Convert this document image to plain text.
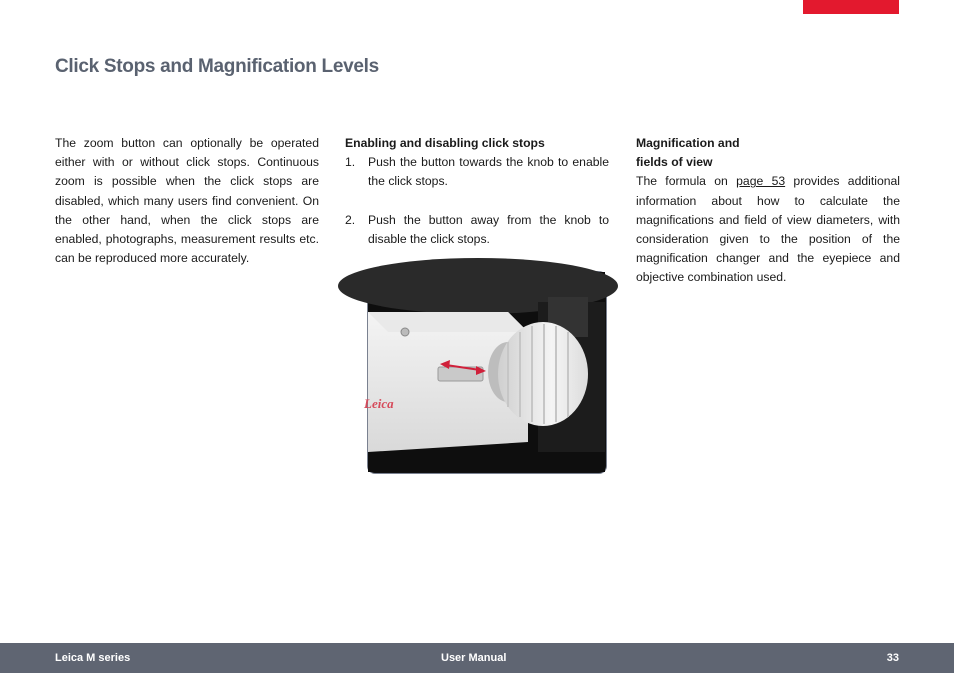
Click Stops and Magnification Levels

The zoom button can optionally be operated either with or without click stops. Continuous zoom is possible when the click stops are disabled, which many users find convenient. On the other hand, when the click stops are enabled, photographs, measurement results etc. can be reproduced more accurately.

Enabling and disabling click stops

1. Push the button towards the knob to enable the click stops.
2. Push the button away from the knob to disable the click stops.

Magnification and
fields of view

The formula on page 53 provides additional information about how to calculate the magnifications and field of view diameters, with consideration given to the position of the magnification changer and the eyepiece and objective combination used.

Leica
Leica M series	User Manual	33
